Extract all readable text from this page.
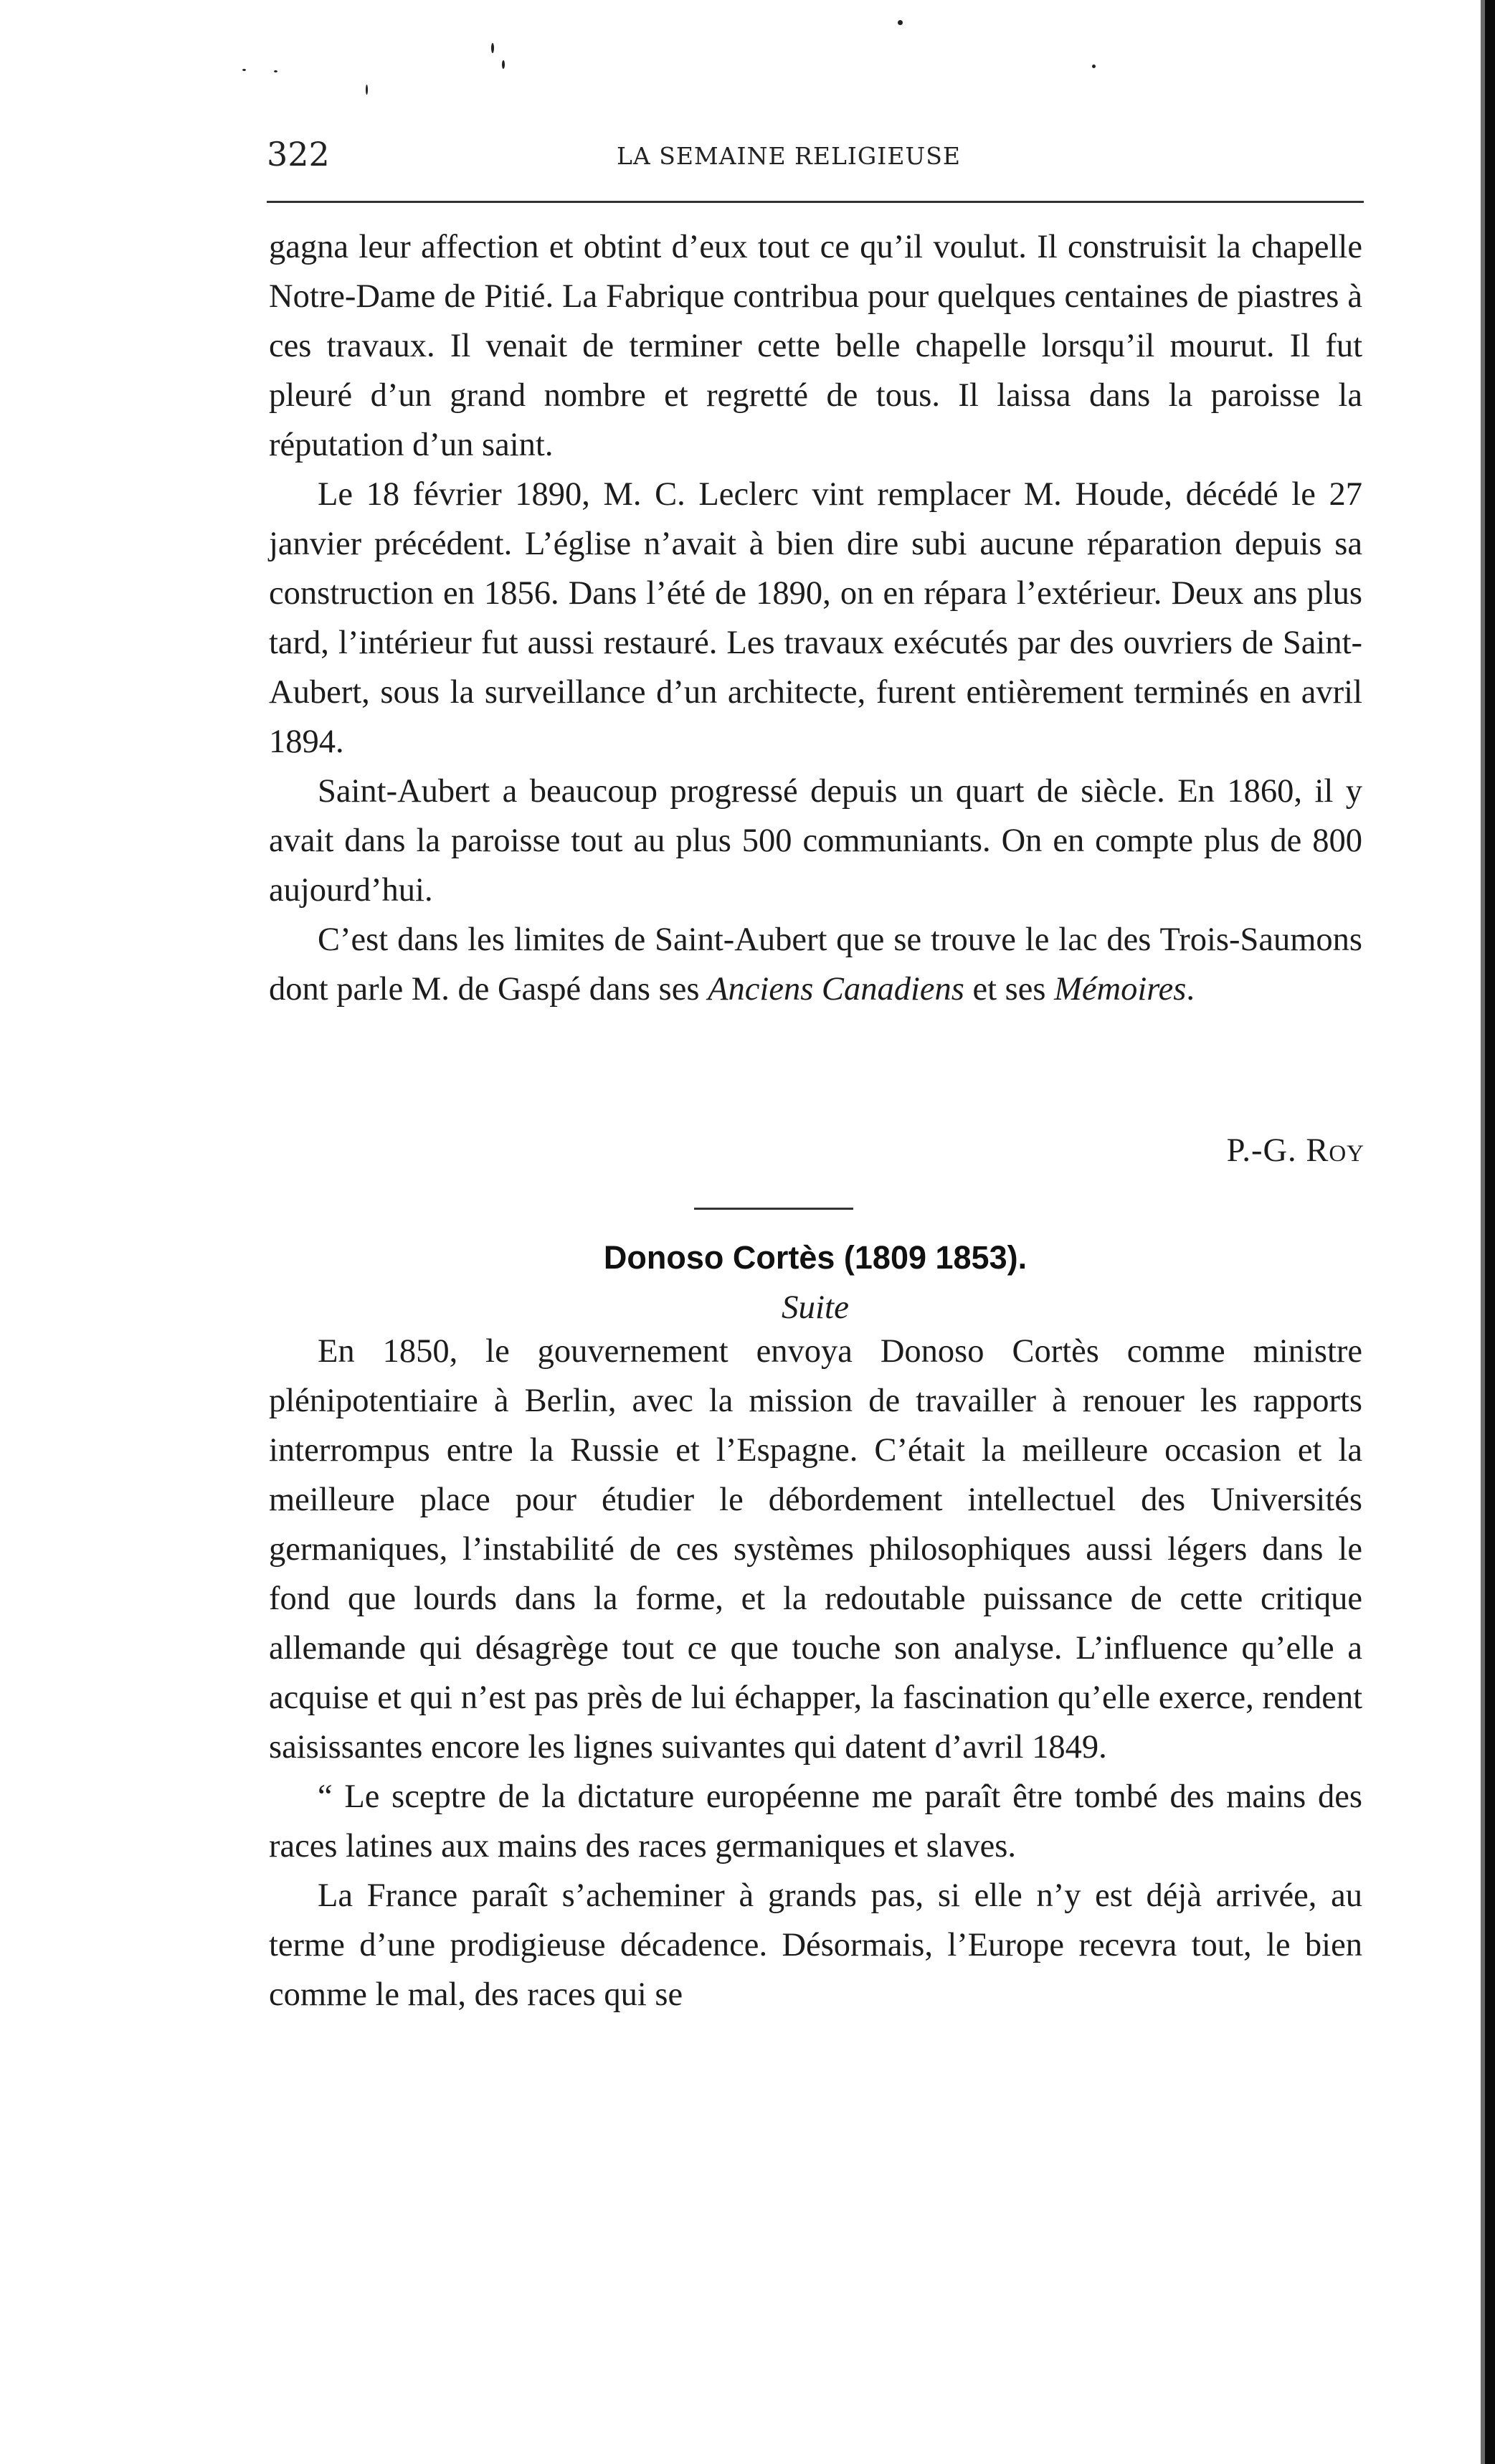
322	LA SEMAINE RELIGIEUSE

gagna leur affection et obtint d’eux tout ce qu’il voulut. Il construisit la chapelle Notre-Dame de Pitié. La Fabrique contribua pour quelques centaines de piastres à ces travaux. Il venait de terminer cette belle chapelle lorsqu’il mourut. Il fut pleuré d’un grand nombre et regretté de tous. Il laissa dans la paroisse la réputation d’un saint.

Le 18 février 1890, M. C. Leclerc vint remplacer M. Houde, décédé le 27 janvier précédent. L’église n’avait à bien dire subi aucune réparation depuis sa construction en 1856. Dans l’été de 1890, on en répara l’extérieur. Deux ans plus tard, l’intérieur fut aussi restauré. Les travaux exécutés par des ouvriers de Saint-Aubert, sous la surveillance d’un architecte, furent entièrement terminés en avril 1894.

Saint-Aubert a beaucoup progressé depuis un quart de siècle. En 1860, il y avait dans la paroisse tout au plus 500 communiants. On en compte plus de 800 aujourd’hui.

C’est dans les limites de Saint-Aubert que se trouve le lac des Trois-Saumons dont parle M. de Gaspé dans ses Anciens Canadiens et ses Mémoires.

P.-G. Roy
Donoso Cortès (1809 1853).
Suite

En 1850, le gouvernement envoya Donoso Cortès comme ministre plénipotentiaire à Berlin, avec la mission de travailler à renouer les rapports interrompus entre la Russie et l’Espagne. C’était la meilleure occasion et la meilleure place pour étudier le débordement intellectuel des Universités germaniques, l’instabilité de ces systèmes philosophiques aussi légers dans le fond que lourds dans la forme, et la redoutable puissance de cette critique allemande qui désagrège tout ce que touche son analyse. L’influence qu’elle a acquise et qui n’est pas près de lui échapper, la fascination qu’elle exerce, rendent saisissantes encore les lignes suivantes qui datent d’avril 1849.

“ Le sceptre de la dictature européenne me paraît être tombé des mains des races latines aux mains des races germaniques et slaves.

La France paraît s’acheminer à grands pas, si elle n’y est déjà arrivée, au terme d’une prodigieuse décadence. Désormais, l’Europe recevra tout, le bien comme le mal, des races qui se
